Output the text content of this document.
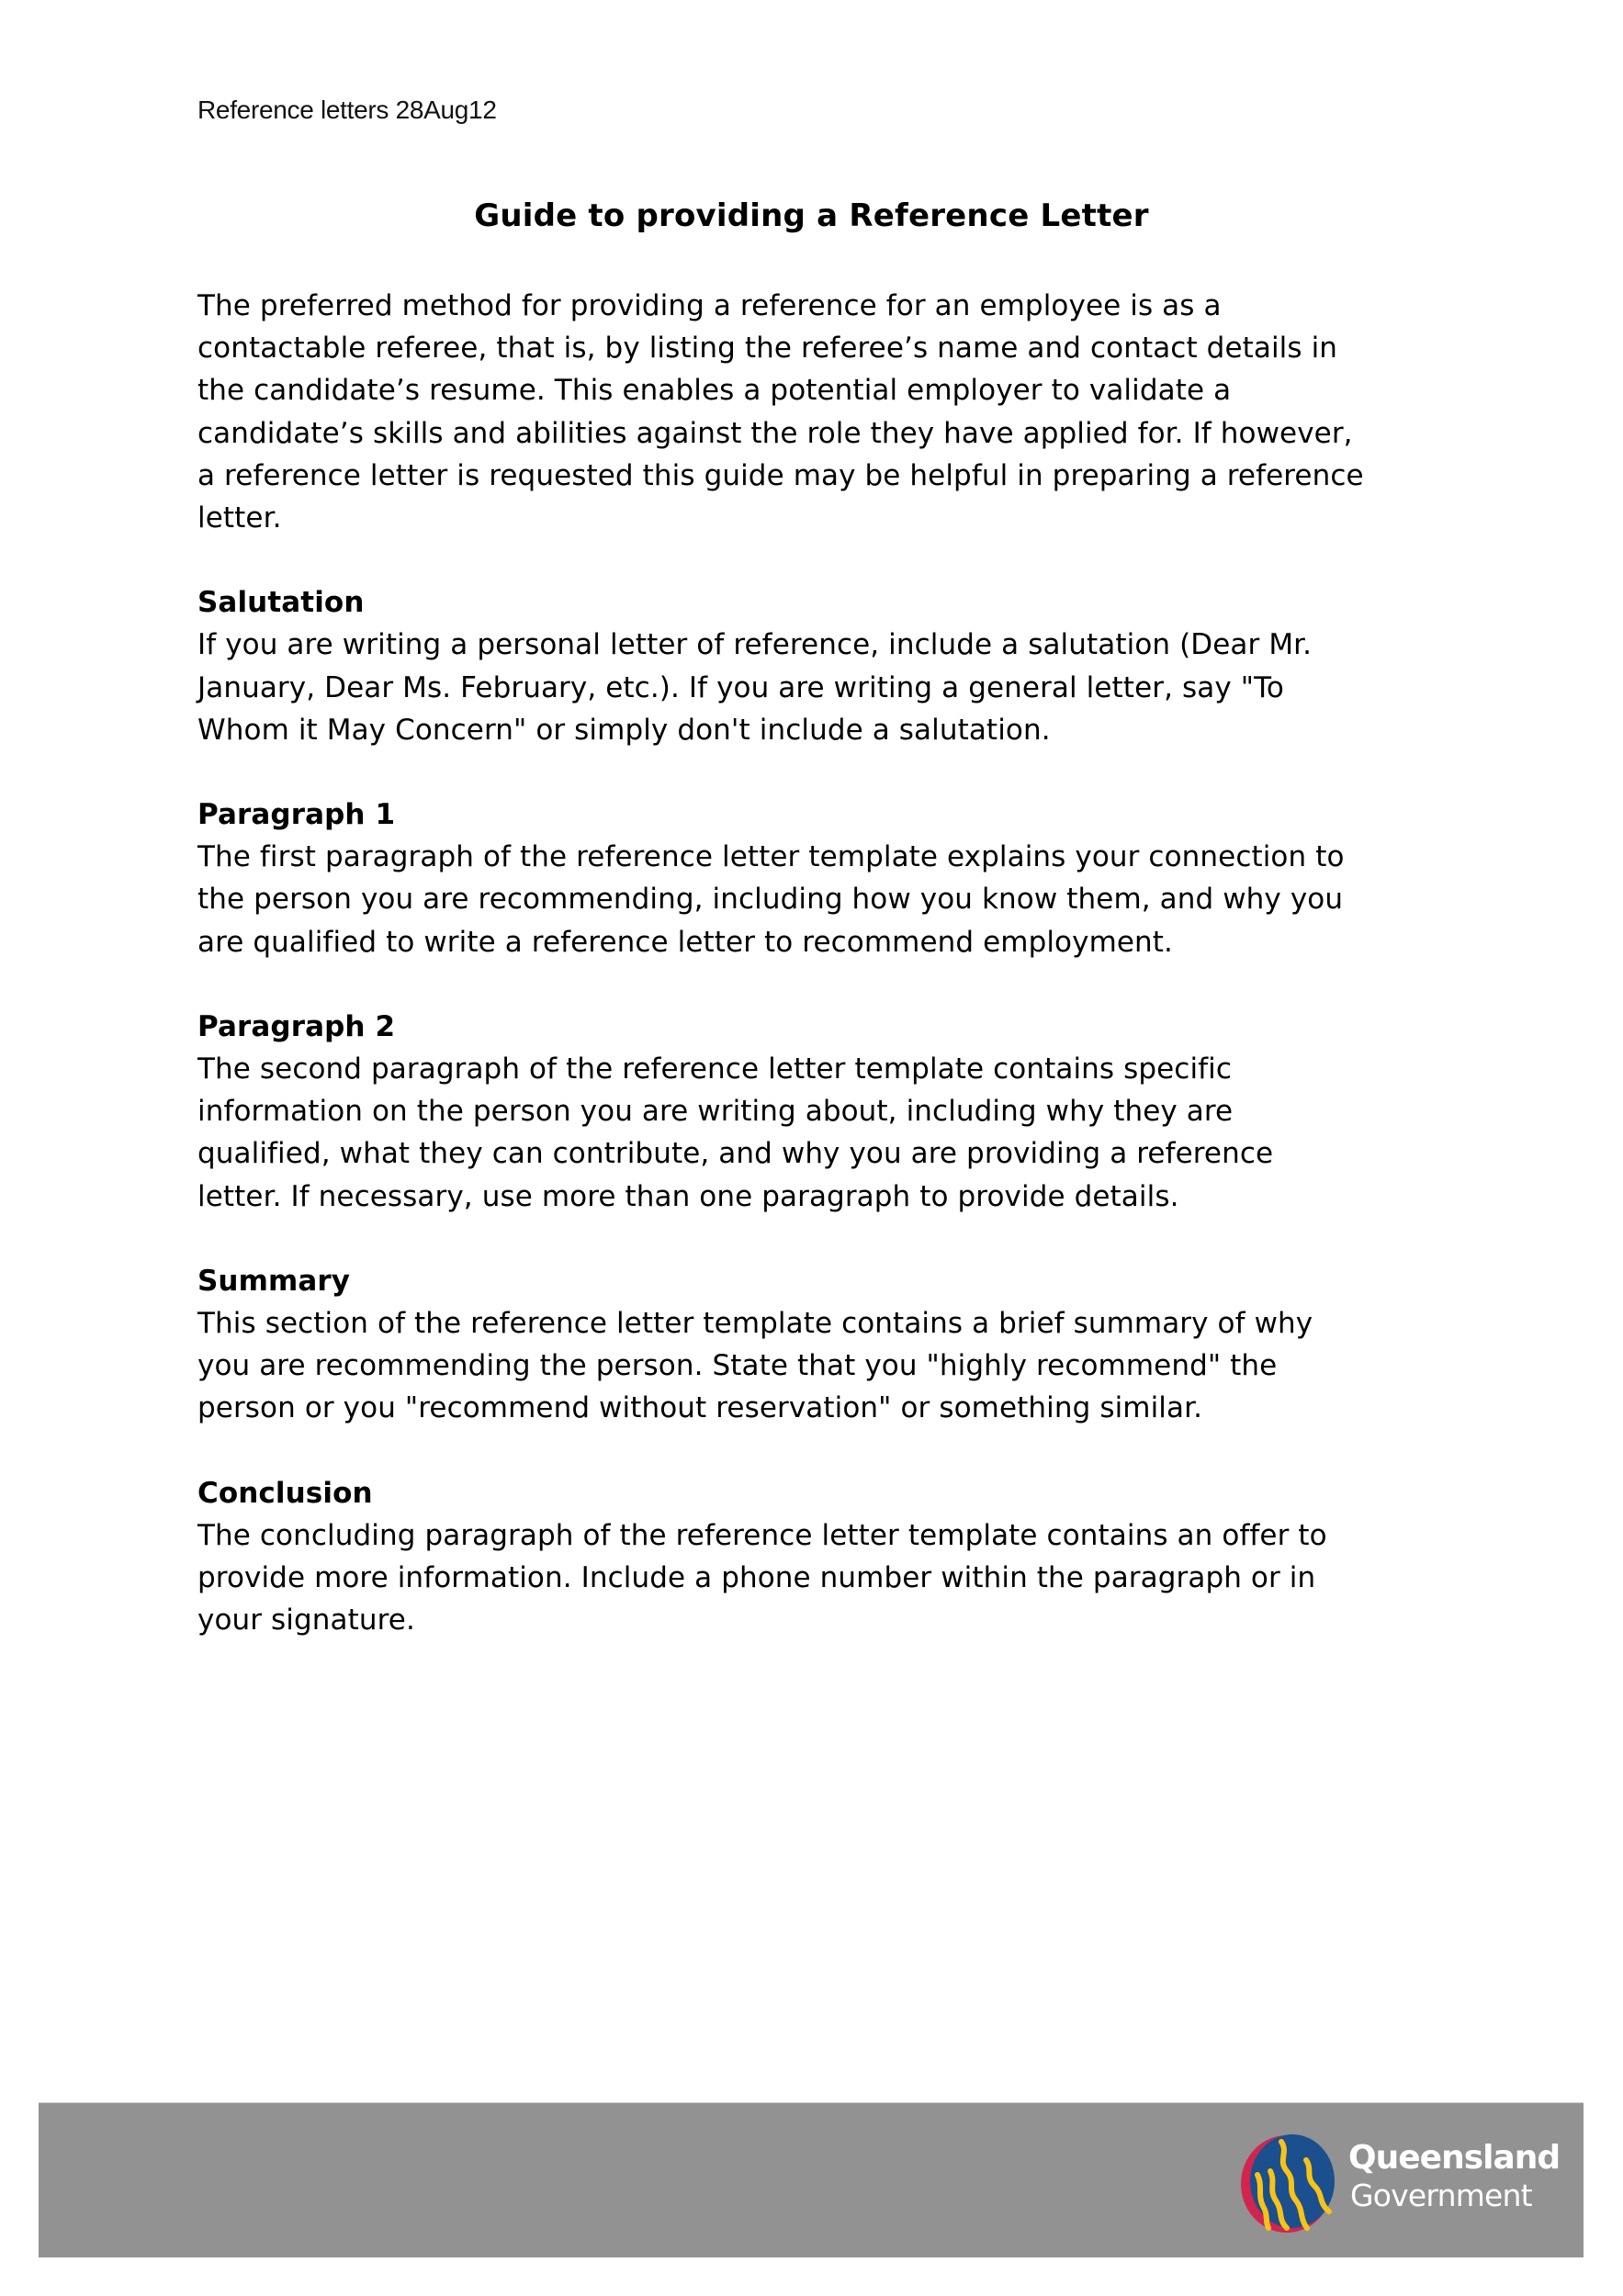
Reference letters 28Aug12
Guide to providing a Reference Letter

The preferred method for providing a reference for an employee is as a
contactable referee, that is, by listing the referee’s name and contact details in
the candidate’s resume. This enables a potential employer to validate a
candidate’s skills and abilities against the role they have applied for. If however,
a reference letter is requested this guide may be helpful in preparing a reference
letter.

Salutation

If you are writing a personal letter of reference, include a salutation (Dear Mr.
January, Dear Ms. February, etc.). If you are writing a general letter, say "To
Whom it May Concern" or simply don't include a salutation.

Paragraph 1

The first paragraph of the reference letter template explains your connection to
the person you are recommending, including how you know them, and why you
are qualified to write a reference letter to recommend employment.

Paragraph 2

The second paragraph of the reference letter template contains specific
information on the person you are writing about, including why they are
qualified, what they can contribute, and why you are providing a reference
letter. If necessary, use more than one paragraph to provide details.

Summary

This section of the reference letter template contains a brief summary of why
you are recommending the person. State that you "highly recommend" the
person or you "recommend without reservation" or something similar.

Conclusion

The concluding paragraph of the reference letter template contains an offer to
provide more information. Include a phone number within the paragraph or in
your signature.

Queensland
Government
